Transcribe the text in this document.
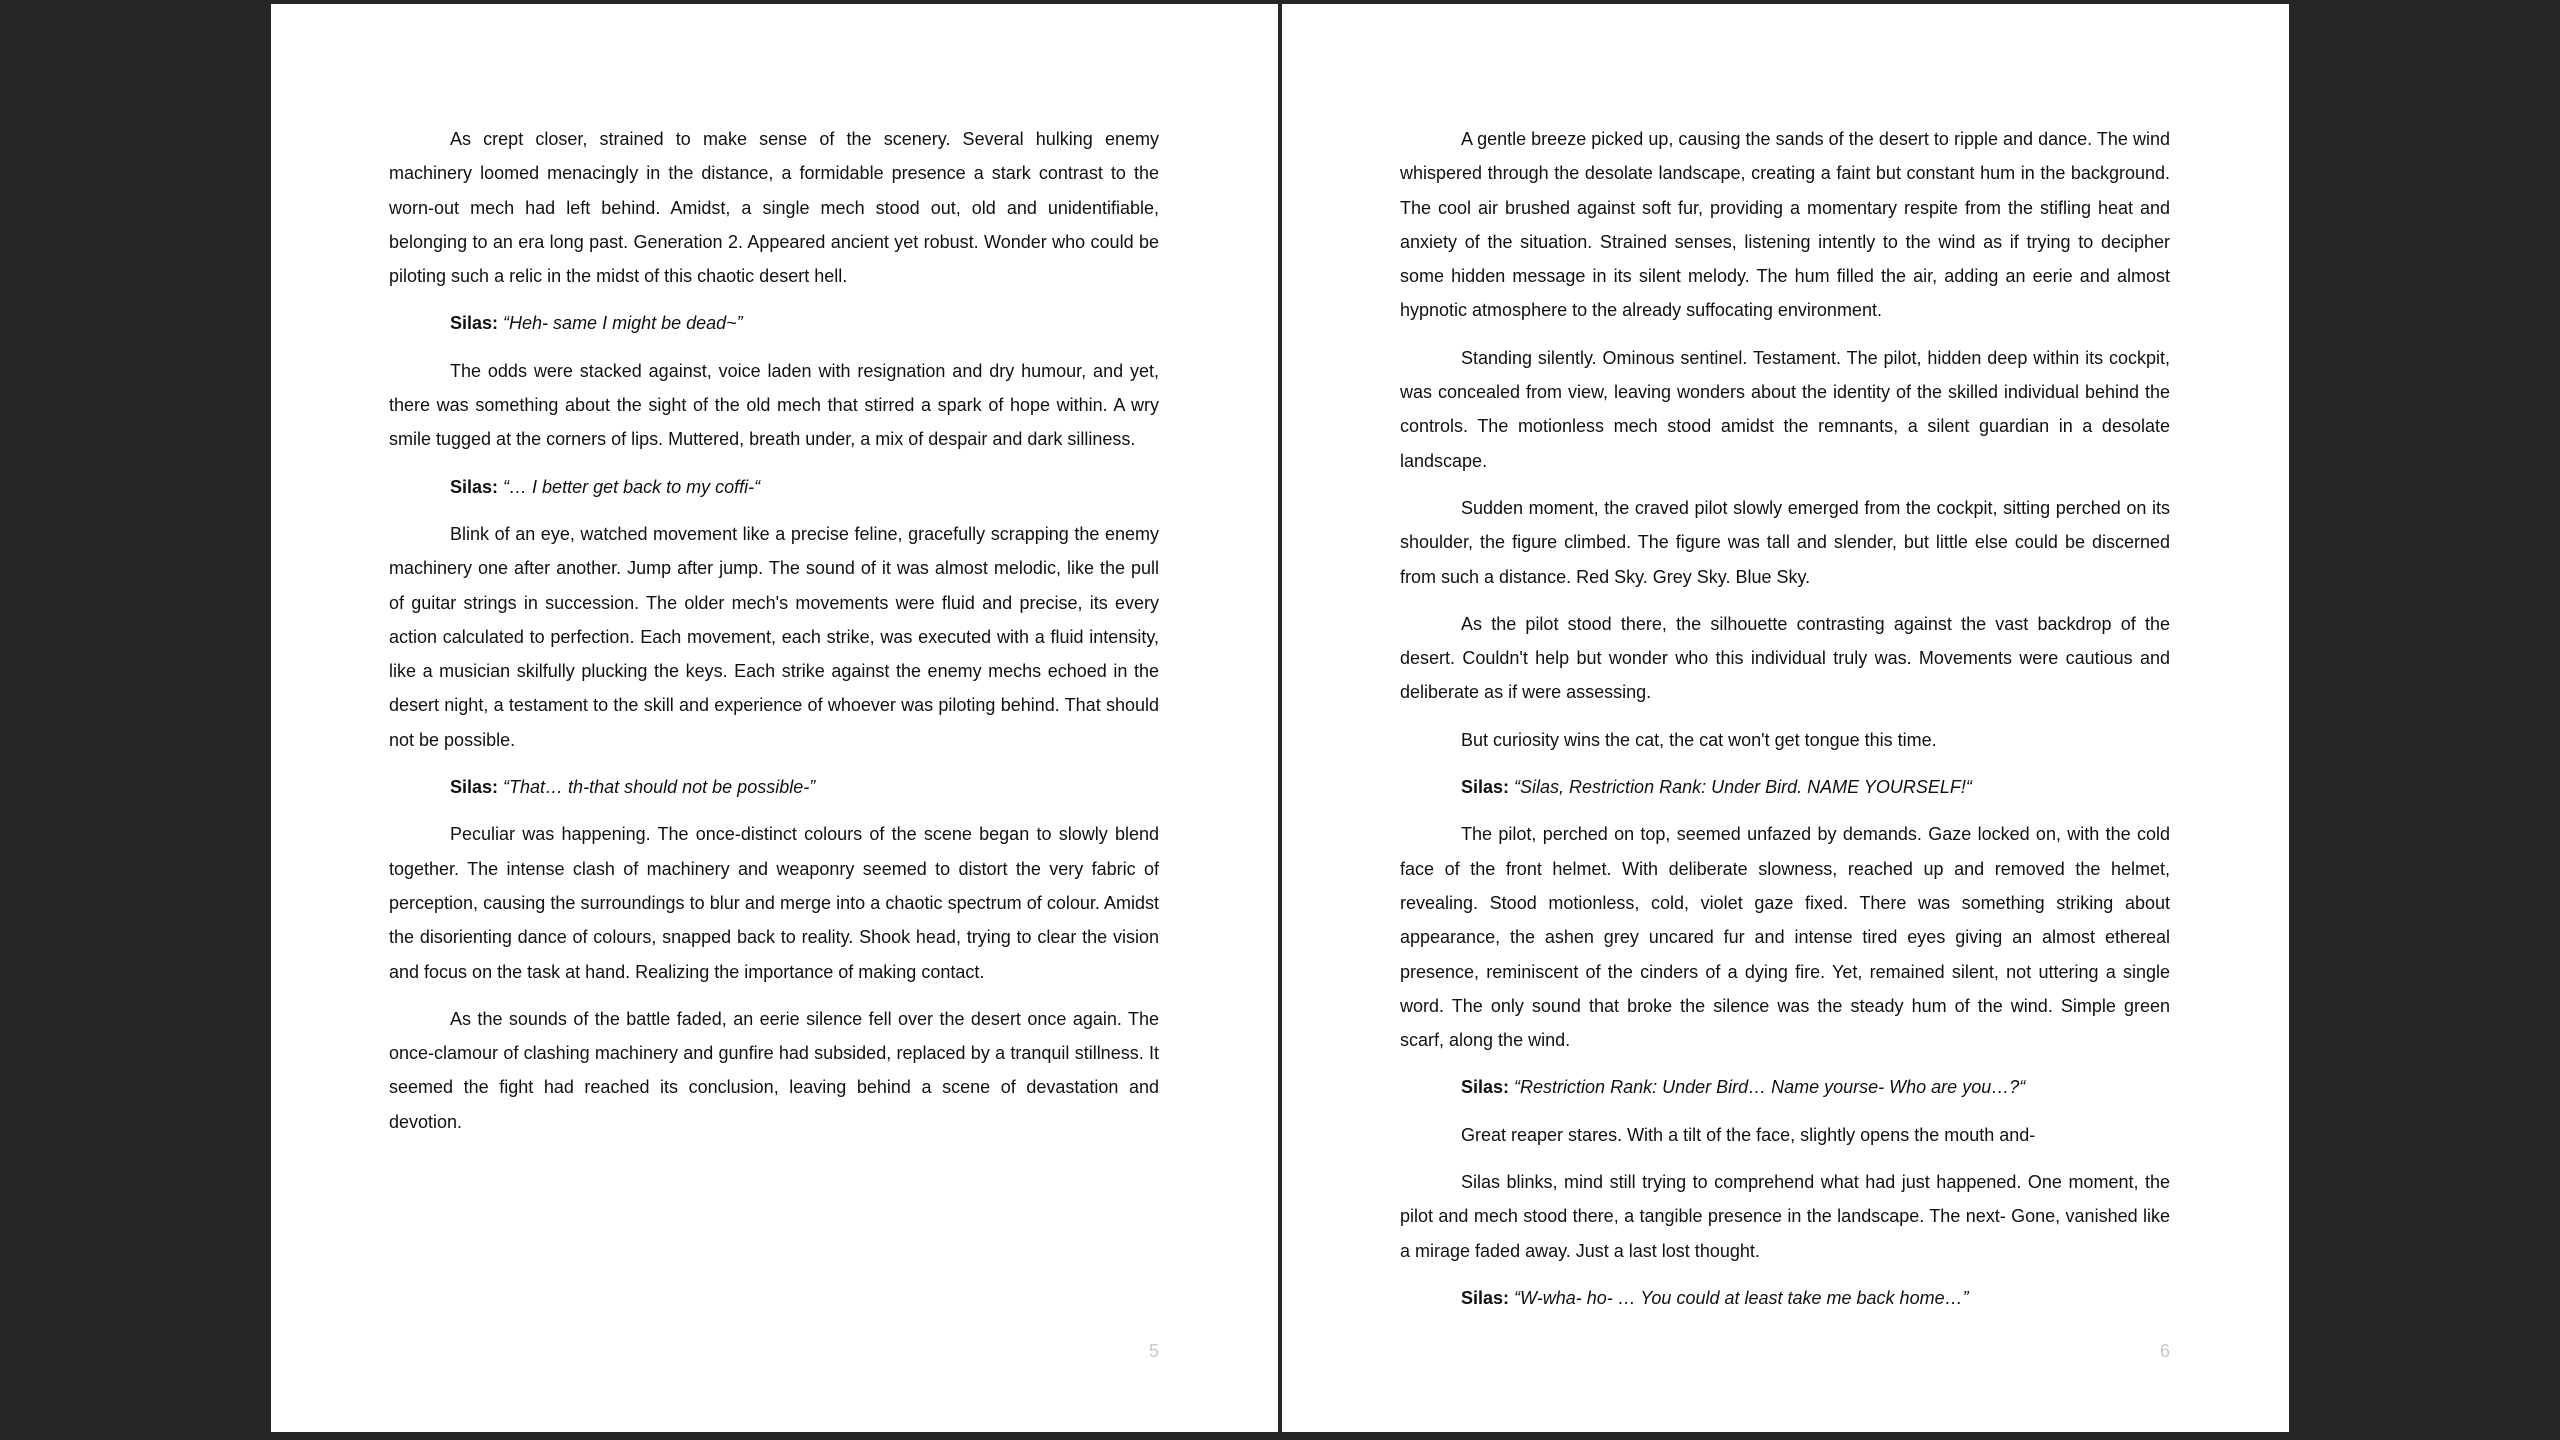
As crept closer, strained to make sense of the scenery. Several hulking enemy machinery loomed menacingly in the distance, a formidable presence a stark contrast to the worn-out mech had left behind. Amidst, a single mech stood out, old and unidentifiable, belonging to an era long past. Generation 2. Appeared ancient yet robust. Wonder who could be piloting such a relic in the midst of this chaotic desert hell.

Silas: “Heh- same I might be dead~”

The odds were stacked against, voice laden with resignation and dry humour, and yet, there was something about the sight of the old mech that stirred a spark of hope within. A wry smile tugged at the corners of lips. Muttered, breath under, a mix of despair and dark silliness.

Silas: “… I better get back to my coffi-“

Blink of an eye, watched movement like a precise feline, gracefully scrapping the enemy machinery one after another. Jump after jump. The sound of it was almost melodic, like the pull of guitar strings in succession. The older mech's movements were fluid and precise, its every action calculated to perfection. Each movement, each strike, was executed with a fluid intensity, like a musician skilfully plucking the keys. Each strike against the enemy mechs echoed in the desert night, a testament to the skill and experience of whoever was piloting behind. That should not be possible.

Silas: “That… th-that should not be possible-”

Peculiar was happening. The once-distinct colours of the scene began to slowly blend together. The intense clash of machinery and weaponry seemed to distort the very fabric of perception, causing the surroundings to blur and merge into a chaotic spectrum of colour. Amidst the disorienting dance of colours, snapped back to reality. Shook head, trying to clear the vision and focus on the task at hand. Realizing the importance of making contact.

As the sounds of the battle faded, an eerie silence fell over the desert once again. The once-clamour of clashing machinery and gunfire had subsided, replaced by a tranquil stillness. It seemed the fight had reached its conclusion, leaving behind a scene of devastation and devotion.

5

A gentle breeze picked up, causing the sands of the desert to ripple and dance. The wind whispered through the desolate landscape, creating a faint but constant hum in the background. The cool air brushed against soft fur, providing a momentary respite from the stifling heat and anxiety of the situation. Strained senses, listening intently to the wind as if trying to decipher some hidden message in its silent melody. The hum filled the air, adding an eerie and almost hypnotic atmosphere to the already suffocating environment.

Standing silently. Ominous sentinel. Testament. The pilot, hidden deep within its cockpit, was concealed from view, leaving wonders about the identity of the skilled individual behind the controls. The motionless mech stood amidst the remnants, a silent guardian in a desolate landscape.

Sudden moment, the craved pilot slowly emerged from the cockpit, sitting perched on its shoulder, the figure climbed. The figure was tall and slender, but little else could be discerned from such a distance. Red Sky. Grey Sky. Blue Sky.

As the pilot stood there, the silhouette contrasting against the vast backdrop of the desert. Couldn't help but wonder who this individual truly was. Movements were cautious and deliberate as if were assessing.

But curiosity wins the cat, the cat won't get tongue this time.

Silas: “Silas, Restriction Rank: Under Bird. NAME YOURSELF!“

The pilot, perched on top, seemed unfazed by demands. Gaze locked on, with the cold face of the front helmet. With deliberate slowness, reached up and removed the helmet, revealing. Stood motionless, cold, violet gaze fixed. There was something striking about appearance, the ashen grey uncared fur and intense tired eyes giving an almost ethereal presence, reminiscent of the cinders of a dying fire. Yet, remained silent, not uttering a single word. The only sound that broke the silence was the steady hum of the wind. Simple green scarf, along the wind.

Silas: “Restriction Rank: Under Bird… Name yourse- Who are you…?“

Great reaper stares. With a tilt of the face, slightly opens the mouth and-

Silas blinks, mind still trying to comprehend what had just happened. One moment, the pilot and mech stood there, a tangible presence in the landscape. The next- Gone, vanished like a mirage faded away. Just a last lost thought.

Silas: “W-wha- ho- … You could at least take me back home…”

6
